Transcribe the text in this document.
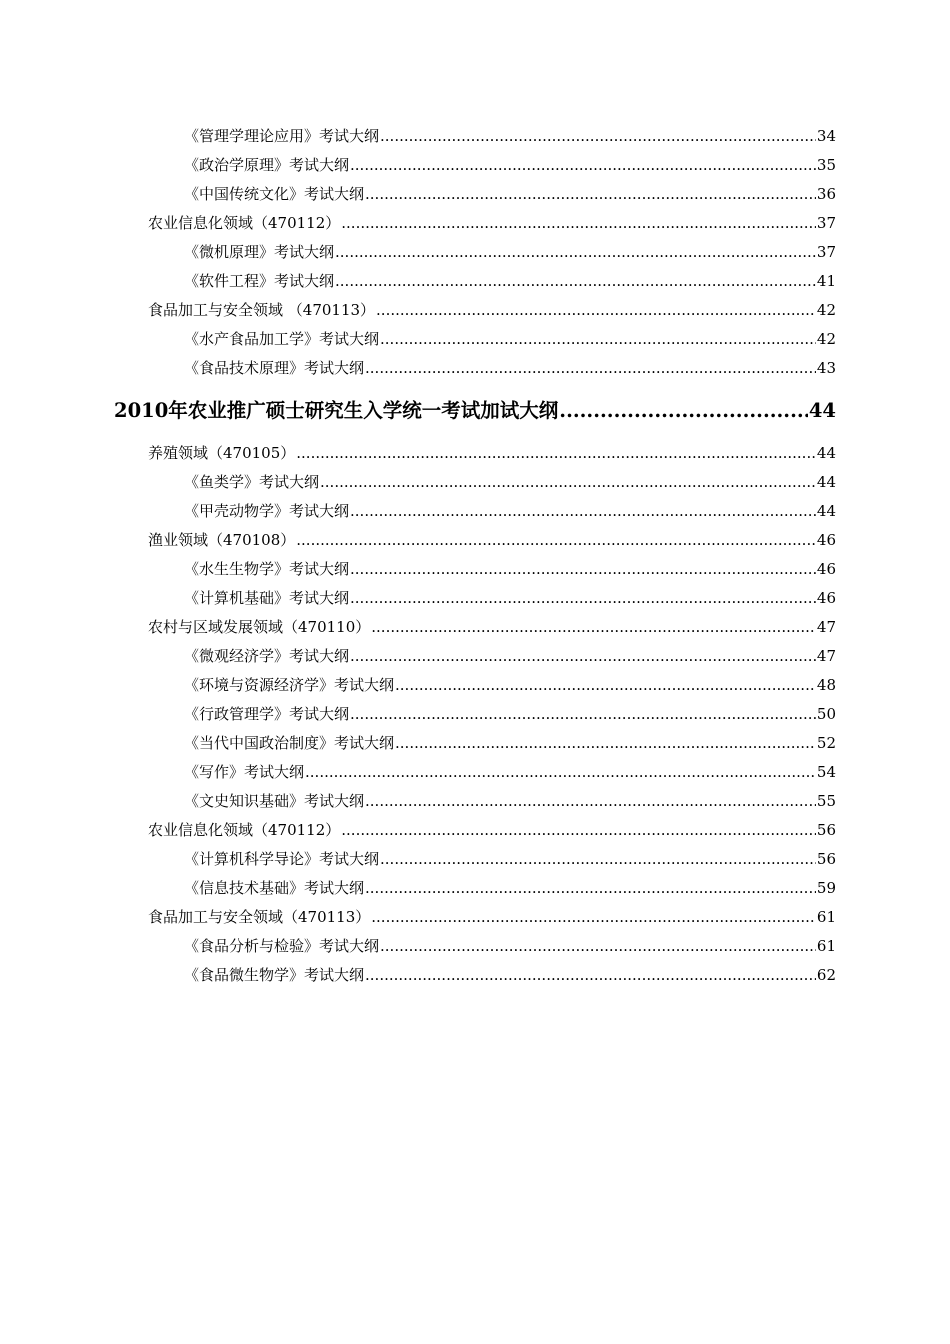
《管理学理论应用》考试大纲 .....	34
《政治学原理》考试大纲 .....	35
《中国传统文化》考试大纲 .....	36
农业信息化领域（470112） .....	37
《微机原理》考试大纲 .....	37
《软件工程》考试大纲 .....	41
食品加工与安全领域 （470113） .....	42
《水产食品加工学》考试大纲 .....	42
《食品技术原理》考试大纲 .....	43
2010年农业推广硕士研究生入学统一考试加试大纲 .....	44
养殖领域（470105） .....	44
《鱼类学》考试大纲 .....	44
《甲壳动物学》考试大纲 .....	44
渔业领域（470108） .....	46
《水生生物学》考试大纲 .....	46
《计算机基础》考试大纲 .....	46
农村与区域发展领域（470110） .....	47
《微观经济学》考试大纲 .....	47
《环境与资源经济学》考试大纲 .....	48
《行政管理学》考试大纲 .....	50
《当代中国政治制度》考试大纲 .....	52
《写作》考试大纲 .....	54
《文史知识基础》考试大纲 .....	55
农业信息化领域（470112） .....	56
《计算机科学导论》考试大纲 .....	56
《信息技术基础》考试大纲 .....	59
食品加工与安全领域（470113） .....	61
《食品分析与检验》考试大纲 .....	61
《食品微生物学》考试大纲 .....	62
